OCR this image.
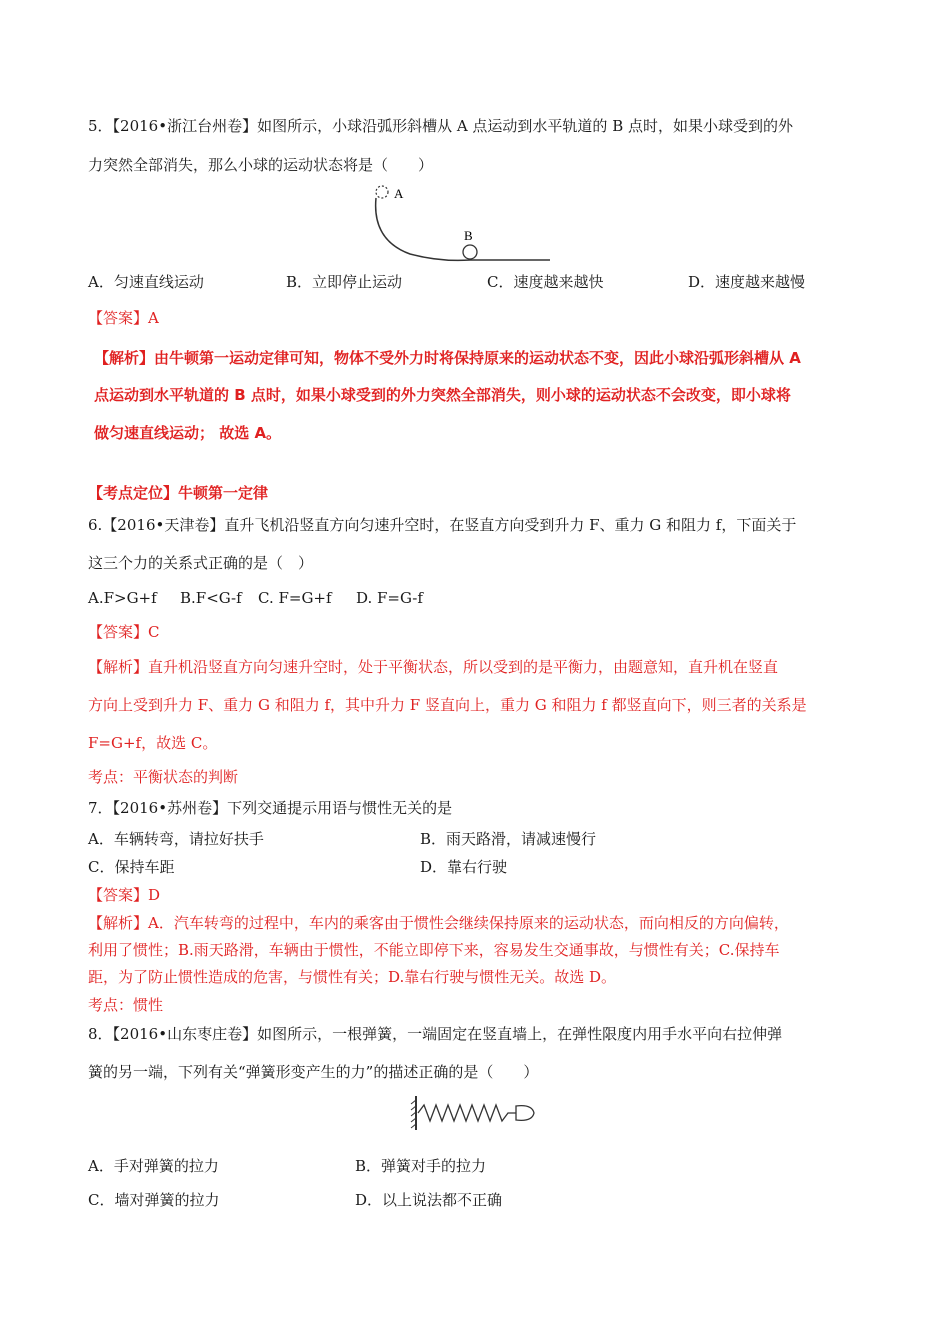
5．【2016•浙江台州卷】如图所示，小球沿弧形斜槽从 A 点运动到水平轨道的 B 点时，如果小球受到的外
力突然全部消失，那么小球的运动状态将是（　　）
A
B
A．匀速直线运动	B．立即停止运动	C．速度越来越快	D．速度越来越慢
【答案】A
【解析】由牛顿第一运动定律可知，物体不受外力时将保持原来的运动状态不变，因此小球沿弧形斜槽从 A
点运动到水平轨道的 B 点时，如果小球受到的外力突然全部消失，则小球的运动状态不会改变，即小球将
做匀速直线运动； 故选 A。
【考点定位】牛顿第一定律
6.【2016•天津卷】直升飞机沿竖直方向匀速升空时，在竖直方向受到升力 F、重力 G 和阻力 f，下面关于
这三个力的关系式正确的是（　）
A.F>G+f B.F<G-f C. F=G+f D. F=G-f
【答案】C
【解析】直升机沿竖直方向匀速升空时，处于平衡状态，所以受到的是平衡力，由题意知，直升机在竖直
方向上受到升力 F、重力 G 和阻力 f，其中升力 F 竖直向上，重力 G 和阻力 f 都竖直向下，则三者的关系是
F=G+f，故选 C。
考点：平衡状态的判断
7．【2016•苏州卷】下列交通提示用语与惯性无关的是
A．车辆转弯，请拉好扶手	B．雨天路滑，请减速慢行
C．保持车距	D．靠右行驶
【答案】D
【解析】A．汽车转弯的过程中，车内的乘客由于惯性会继续保持原来的运动状态，而向相反的方向偏转，
利用了惯性；B.雨天路滑，车辆由于惯性，不能立即停下来，容易发生交通事故，与惯性有关；C.保持车
距，为了防止惯性造成的危害，与惯性有关；D.靠右行驶与惯性无关。故选 D。
考点：惯性
8．【2016•山东枣庄卷】如图所示，一根弹簧，一端固定在竖直墙上，在弹性限度内用手水平向右拉伸弹
簧的另一端，下列有关“弹簧形变产生的力”的描述正确的是（　　）
A．手对弹簧的拉力	B．弹簧对手的拉力
C．墙对弹簧的拉力	D．以上说法都不正确
